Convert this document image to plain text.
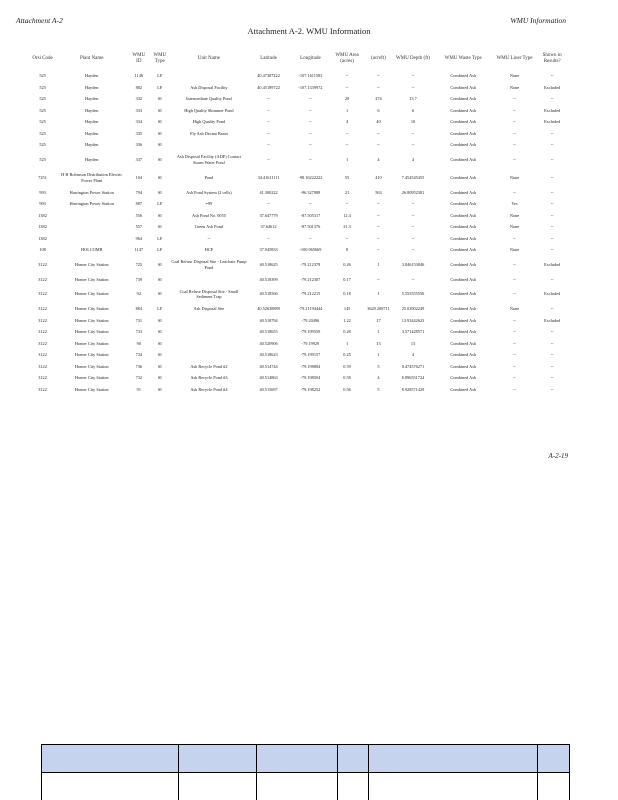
Attachment A-2	WMU Information
Attachment A-2. WMU Information
Orsi Code	Plant Name	WMU ID	WMU Type	Unit Name	Latitude	Longitude	WMU Area (acres)	(acreft)	WMU Depth (ft)	WMU Waste Type	WMU Liner Type	Shown in Results?
525	Hayden	1146	LF		40.47387222	-107.1611583	--	--	--	Combined Ash	None	--
525	Hayden	882	LF	Ash Disposal Facility	40.45189722	-107.1339972	--	--	--	Combined Ash	None	Excluded
525	Hayden	332	SI	Intermediate Quality Pond	--	--	20	274	13.7	Combined Ash	--	--
525	Hayden	333	SI	High Quality Skimmer Pond	--	--	1	6	6	Combined Ash	--	Excluded
525	Hayden	334	SI	High Quality Pond	--	--	4	40	10	Combined Ash	--	Excluded
525	Hayden	335	SI	Fly Ash Decant Basin	--	--	--	--	--	Combined Ash	--	--
525	Hayden	336	SI		--	--	--	--	--	Combined Ash	--	--
525	Hayden	337	SI	Ash Disposal Facility (ADF) Contact Storm Water Pond	--	--	1	4	4	Combined Ash	--	--
7251	H H Robinson Distribution Electric Power Plant	104	SI	Pond	34.41611111	-98.16222222	55	410	7.454545455	Combined Ash	None	--
993	Harrington Power Station	794	SI	Ash Pond System (2 cells)	41.300222	-96.327988	21	563	26.80952381	Combined Ash	--	--
993	Harrington Power Station	887	LF	=99	--	--	--	--	--	Combined Ash	Yes	--
1382		556	SI	Ash Pond No. 0055	37.647779	-87.505317	12.4	--	--	Combined Ash	None	--
1382		557	SI	Green Ash Pond	37.64612	-87.501376	21.3	--	--	Combined Ash	None	--
1382		964	LF	--	--	--	--	--	--	Combined Ash	--	--
108	HOLCOMB	1147	LF	HCF	37.945833	-100.965669	8	--	--	Combined Ash	None	--
3122	Homer City Station	725	SI	Coal Refuse Disposal Site - Leachate Pump Pond	40.518625	-79.212378	0.26	1	3.846153846	Combined Ash	--	Excluded
3122	Homer City Station	739	SI		40.518399	-79.212307	0.17	--	--	Combined Ash	--	--
3122	Homer City Station	92	SI	Coal Refuse Disposal Site - Small Sediment Trap	40.518566	-79.212215	0.18	1	5.555555556	Combined Ash	--	Excluded
3122	Homer City Station	884	LF	Ash Disposal Site	40.52638889	-79.21194444	145	3629.208711	25.02902249	Combined Ash	None	--
3122	Homer City Station	731	SI		40.518794	-79.20496	1.22	17	13.93442623	Combined Ash	--	Excluded
3122	Homer City Station	733	SI		40.518655	-79.199559	0.28	1	3.571428571	Combined Ash	--	--
3122	Homer City Station	90	SI		40.520906	-79.19929	1	13	13	Combined Ash	--	--
3122	Homer City Station	734	SI		40.518623	-79.199157	0.25	1	4	Combined Ash	--	--
3122	Homer City Station	736	SI	Ash Recycle Pond #2	40.514744	-79.198884	0.59	5	8.474576271	Combined Ash	--	--
3122	Homer City Station	732	SI	Ash Recycle Pond #3	40.514863	-79.198504	0.58	4	6.896551724	Combined Ash	--	--
3122	Homer City Station	91	SI	Ash Recycle Pond #4	40.515697	-79.198252	0.56	5	8.928571429	Combined Ash	--	--
A-2-19
